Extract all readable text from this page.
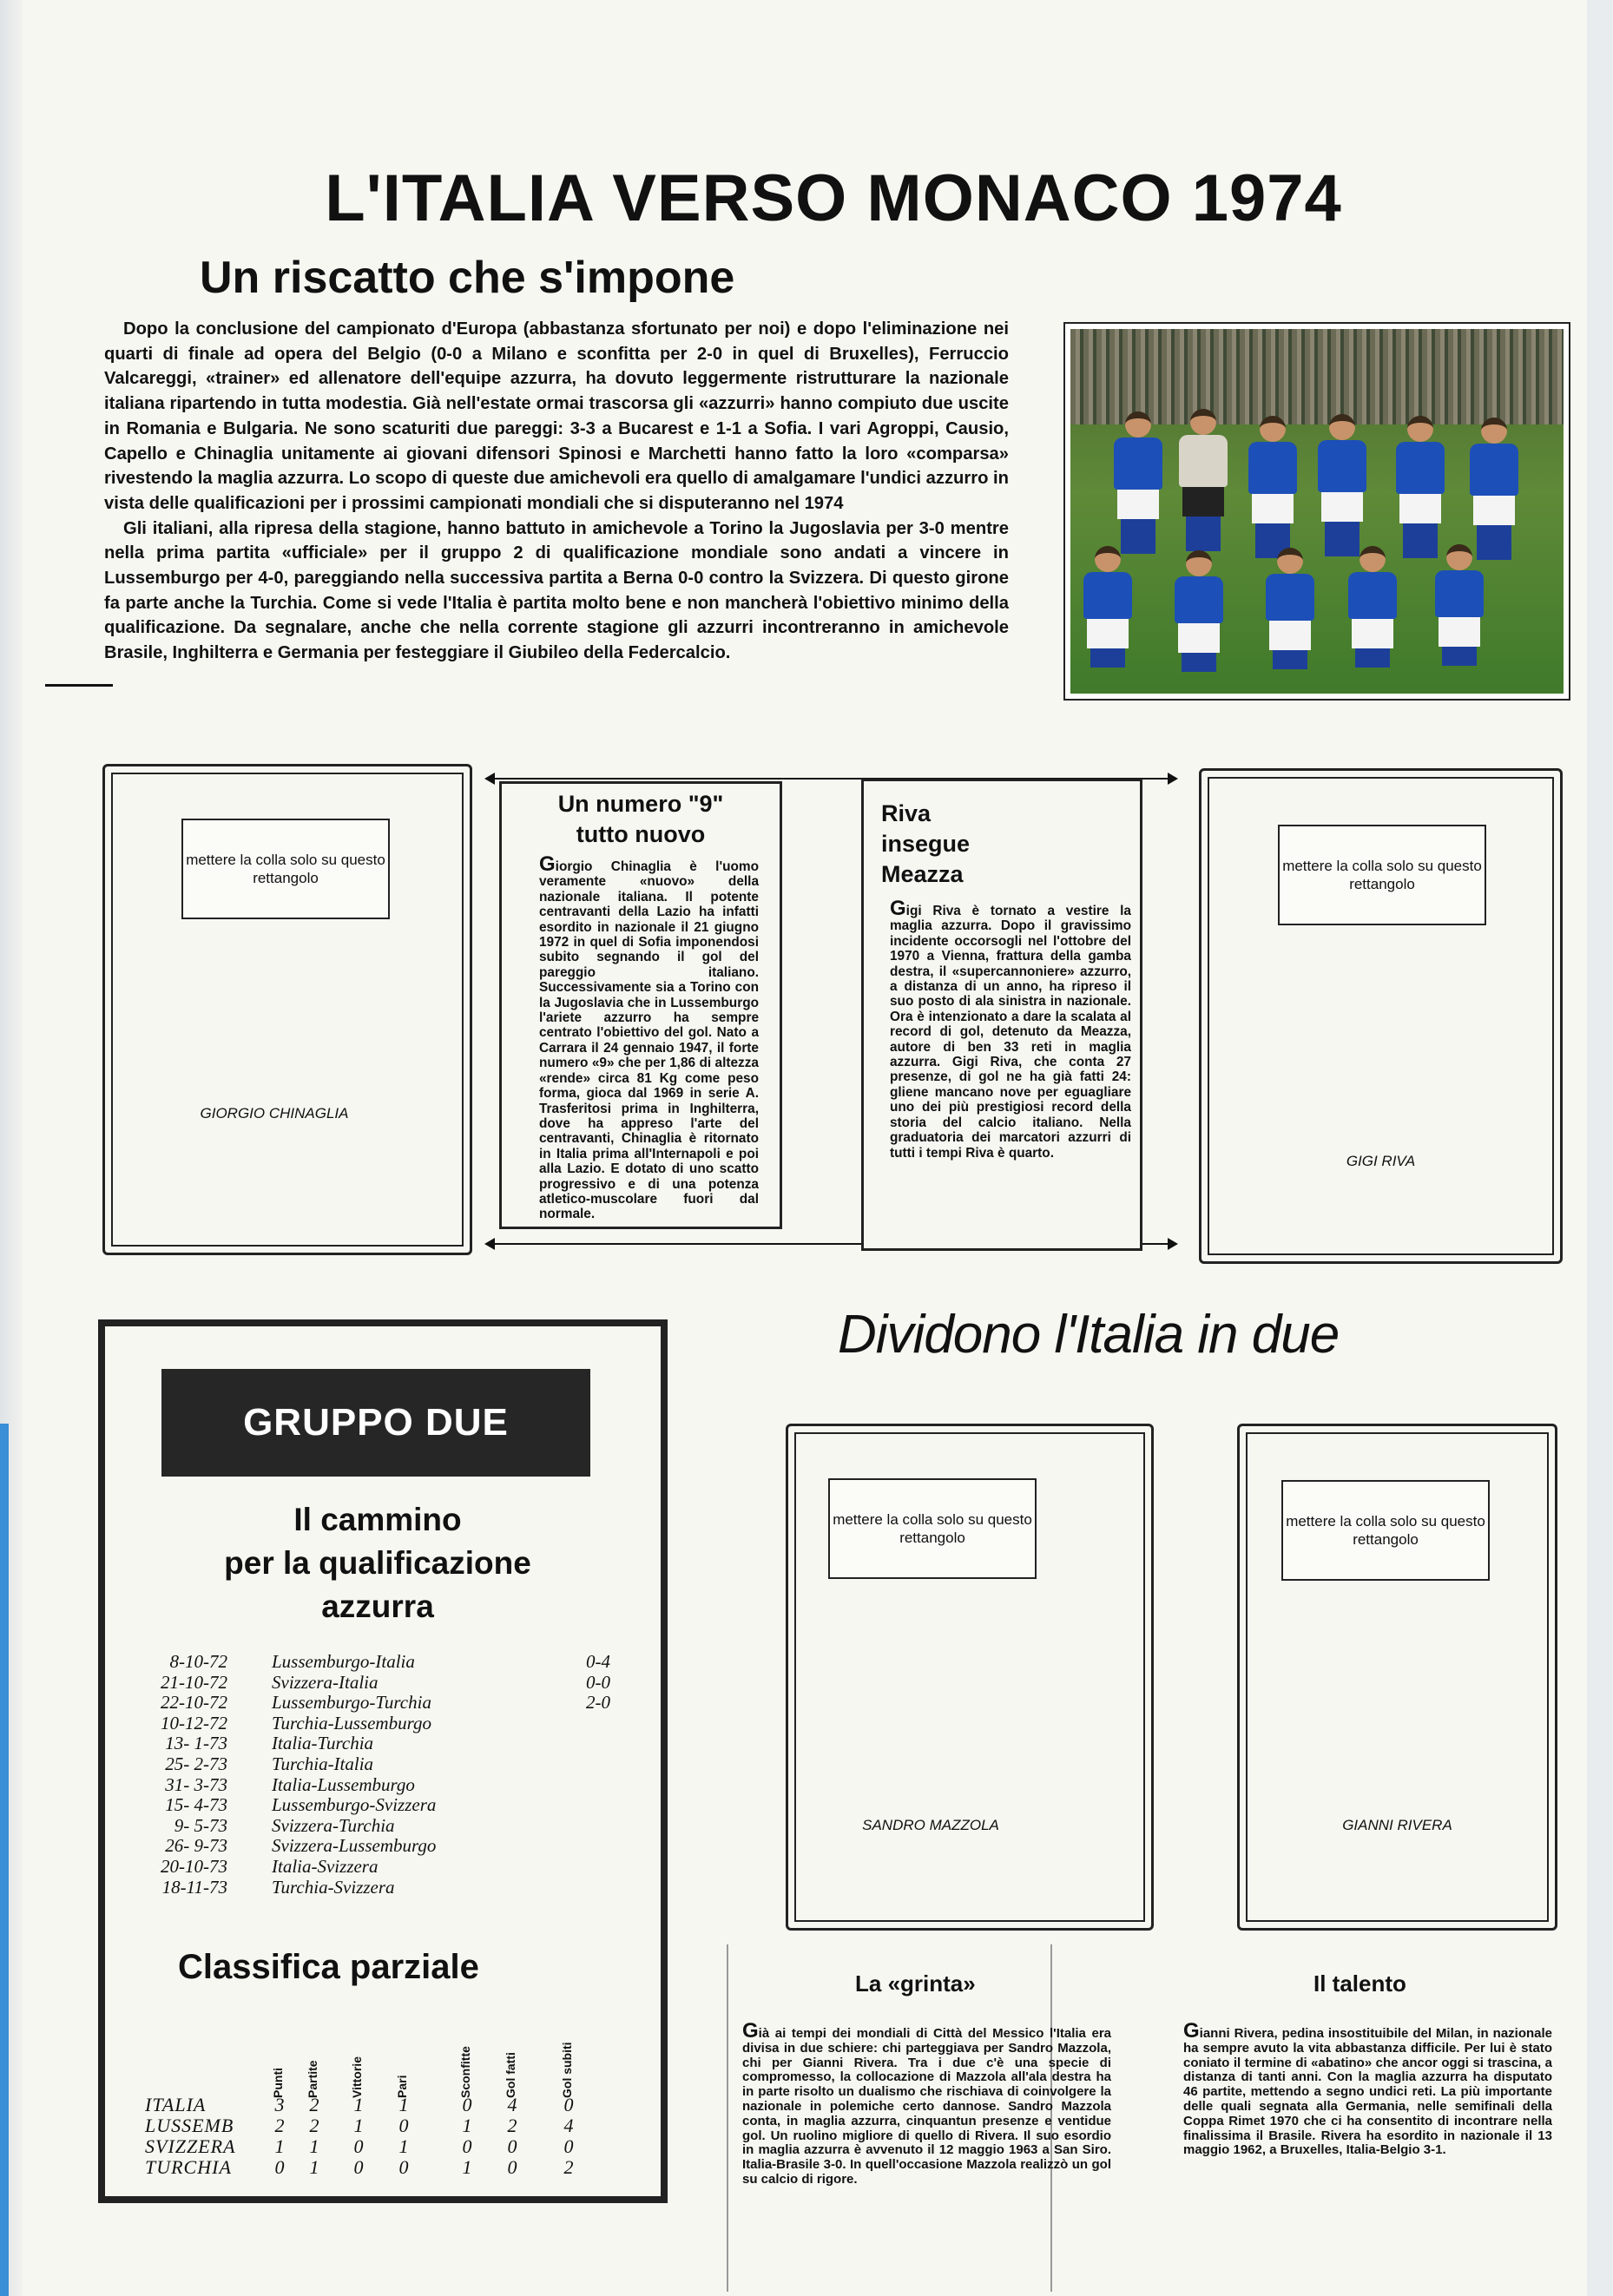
L'ITALIA VERSO MONACO 1974
Un riscatto che s'impone

Dopo la conclusione del campionato d'Europa (abbastanza sfortunato per noi) e dopo l'eliminazione nei quarti di finale ad opera del Belgio (0-0 a Milano e sconfitta per 2-0 in quel di Bruxelles), Ferruccio Valcareggi, «trainer» ed allenatore dell'equipe azzurra, ha dovuto leggermente ristrutturare la nazionale italiana ripartendo in tutta modestia. Già nell'estate ormai trascorsa gli «azzurri» hanno compiuto due uscite in Romania e Bulgaria. Ne sono scaturiti due pareggi: 3-3 a Bucarest e 1-1 a Sofia. I vari Agroppi, Causio, Capello e Chinaglia unitamente ai giovani difensori Spinosi e Marchetti hanno fatto la loro «comparsa» rivestendo la maglia azzurra. Lo scopo di queste due amichevoli era quello di amalgamare l'undici azzurro in vista delle qualificazioni per i prossimi campionati mondiali che si disputeranno nel 1974

Gli italiani, alla ripresa della stagione, hanno battuto in amichevole a Torino la Jugoslavia per 3-0 mentre nella prima partita «ufficiale» per il gruppo 2 di qualificazione mondiale sono andati a vincere in Lussemburgo per 4-0, pareggiando nella successiva partita a Berna 0-0 contro la Svizzera. Di questo girone fa parte anche la Turchia. Come si vede l'Italia è partita molto bene e non mancherà l'obiettivo minimo della qualificazione. Da segnalare, anche che nella corrente stagione gli azzurri incontreranno in amichevole Brasile, Inghilterra e Germania per festeggiare il Giubileo della Federcalcio.

mettere la colla solo su questo rettangolo
GIORGIO CHINAGLIA
Un numero "9"
tutto nuovo
Giorgio Chinaglia è l'uomo veramente «nuovo» della nazionale italiana. Il potente centravanti della Lazio ha infatti esordito in nazionale il 21 giugno 1972 in quel di Sofia imponendosi subito segnando il gol del pareggio italiano. Successivamente sia a Torino con la Jugoslavia che in Lussemburgo l'ariete azzurro ha sempre centrato l'obiettivo del gol. Nato a Carrara il 24 gennaio 1947, il forte numero «9» che per 1,86 di altezza «rende» circa 81 Kg come peso forma, gioca dal 1969 in serie A. Trasferitosi prima in Inghilterra, dove ha appreso l'arte del centravanti, Chinaglia è ritornato in Italia prima all'Internapoli e poi alla Lazio. E dotato di uno scatto progressivo e di una potenza atletico-muscolare fuori dal normale.
Riva
insegue
Meazza
Gigi Riva è tornato a vestire la maglia azzurra. Dopo il gravissimo incidente occorsogli nel l'ottobre del 1970 a Vienna, frattura della gamba destra, il «supercannoniere» azzurro, a distanza di un anno, ha ripreso il suo posto di ala sinistra in nazionale. Ora è intenzionato a dare la scalata al record di gol, detenuto da Meazza, autore di ben 33 reti in maglia azzurra. Gigi Riva, che conta 27 presenze, di gol ne ha già fatti 24: gliene mancano nove per eguagliare uno dei più prestigiosi record della storia del calcio italiano. Nella graduatoria dei marcatori azzurri di tutti i tempi Riva è quarto.
mettere la colla solo su questo rettangolo
GIGI RIVA
GRUPPO DUE
Il cammino
per la qualificazione
azzurra
8-10-72 Lussemburgo-Italia	0-4
21-10-72 Svizzera-Italia	0-0
22-10-72 Lussemburgo-Turchia	2-0
10-12-72 Turchia-Lussemburgo
13- 1-73 Italia-Turchia
25- 2-73 Turchia-Italia
31- 3-73 Italia-Lussemburgo
15- 4-73 Lussemburgo-Svizzera
9- 5-73 Svizzera-Turchia
26- 9-73 Svizzera-Lussemburgo
20-10-73 Italia-Svizzera
18-11-73 Turchia-Svizzera
Classifica parziale
Punti Partite	Vittorie	Pari	Sconfitte	Gol fatti	Gol subiti
ITALIA	3 2 1 1	0 4 0
LUSSEMB 2 2 1 0	1 2 4
SVIZZERA 1 1 0 1	0 0 0
TURCHIA 0 1 0 0	1 0 2
Dividono l'Italia in due
mettere la colla solo su questo rettangolo
SANDRO MAZZOLA
mettere la colla solo su questo rettangolo
GIANNI RIVERA
La «grinta»
Già ai tempi dei mondiali di Città del Messico l'Italia era divisa in due schiere: chi parteggiava per Sandro Mazzola, chi per Gianni Rivera. Tra i due c'è una specie di compromesso, la collocazione di Mazzola all'ala destra ha in parte risolto un dualismo che rischiava di coinvolgere la nazionale in polemiche certo dannose. Sandro Mazzola conta, in maglia azzurra, cinquantun presenze e ventidue gol. Un ruolino migliore di quello di Rivera. Il suo esordio in maglia azzurra è avvenuto il 12 maggio 1963 a San Siro. Italia-Brasile 3-0. In quell'occasione Mazzola realizzò un gol su calcio di rigore.
Il talento
Gianni Rivera, pedina insostituibile del Milan, in nazionale ha sempre avuto la vita abbastanza difficile. Per lui è stato coniato il termine di «abatino» che ancor oggi si trascina, a distanza di tanti anni. Con la maglia azzurra ha disputato 46 partite, mettendo a segno undici reti. La più importante delle quali segnata alla Germania, nelle semifinali della Coppa Rimet 1970 che ci ha consentito di incontrare nella finalissima il Brasile. Rivera ha esordito in nazionale il 13 maggio 1962, a Bruxelles, Italia-Belgio 3-1.
